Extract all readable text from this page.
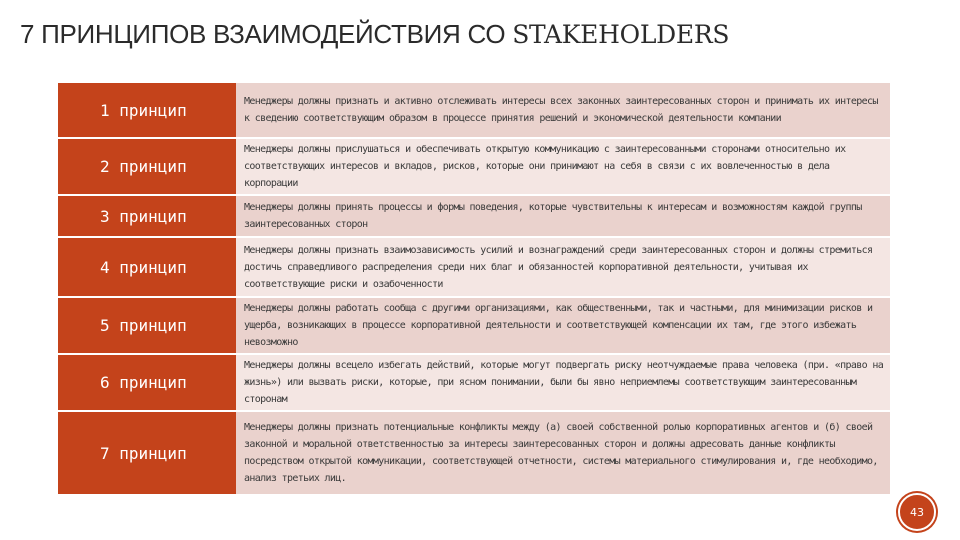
7 ПРИНЦИПОВ ВЗАИМОДЕЙСТВИЯ СО STAKEHOLDERS
1 принцип	Менеджеры должны признать и активно отслеживать интересы всех законных заинтересованных сторон и принимать их интересы к сведению соответствующим образом в процессе принятия решений и экономической деятельности компании
2 принцип	Менеджеры должны прислушаться и обеспечивать открытую коммуникацию с заинтересованными сторонами относительно их соответствующих интересов и вкладов, рисков, которые они принимают на себя в связи с их вовлеченностью в дела корпорации
3 принцип	Менеджеры должны принять процессы и формы поведения, которые чувствительны к интересам и возможностям каждой группы заинтересованных сторон
4 принцип	Менеджеры должны признать взаимозависимость усилий и вознаграждений среди заинтересованных сторон и должны стремиться достичь справедливого распределения среди них благ и обязанностей корпоративной деятельности, учитывая их соответствующие риски и озабоченности
5 принцип	Менеджеры должны работать сообща с другими организациями, как общественными, так и частными, для минимизации рисков и ущерба, возникающих в процессе корпоративной деятельности и соответствующей компенсации их там, где этого избежать невозможно
6 принцип	Менеджеры должны всецело избегать действий, которые могут подвергать риску неотчуждаемые права человека (при. «право на жизнь») или вызвать риски, которые, при ясном понимании, были бы явно неприемлемы соответствующим заинтересованным сторонам
7 принцип	Менеджеры должны признать потенциальные конфликты между (а) своей собственной ролью корпоративных агентов и (б) своей законной и моральной ответственностью за интересы заинтересованных сторон и должны адресовать данные конфликты посредством открытой коммуникации, соответствующей отчетности, системы материального стимулирования и, где необходимо, анализ третьих лиц.
43
